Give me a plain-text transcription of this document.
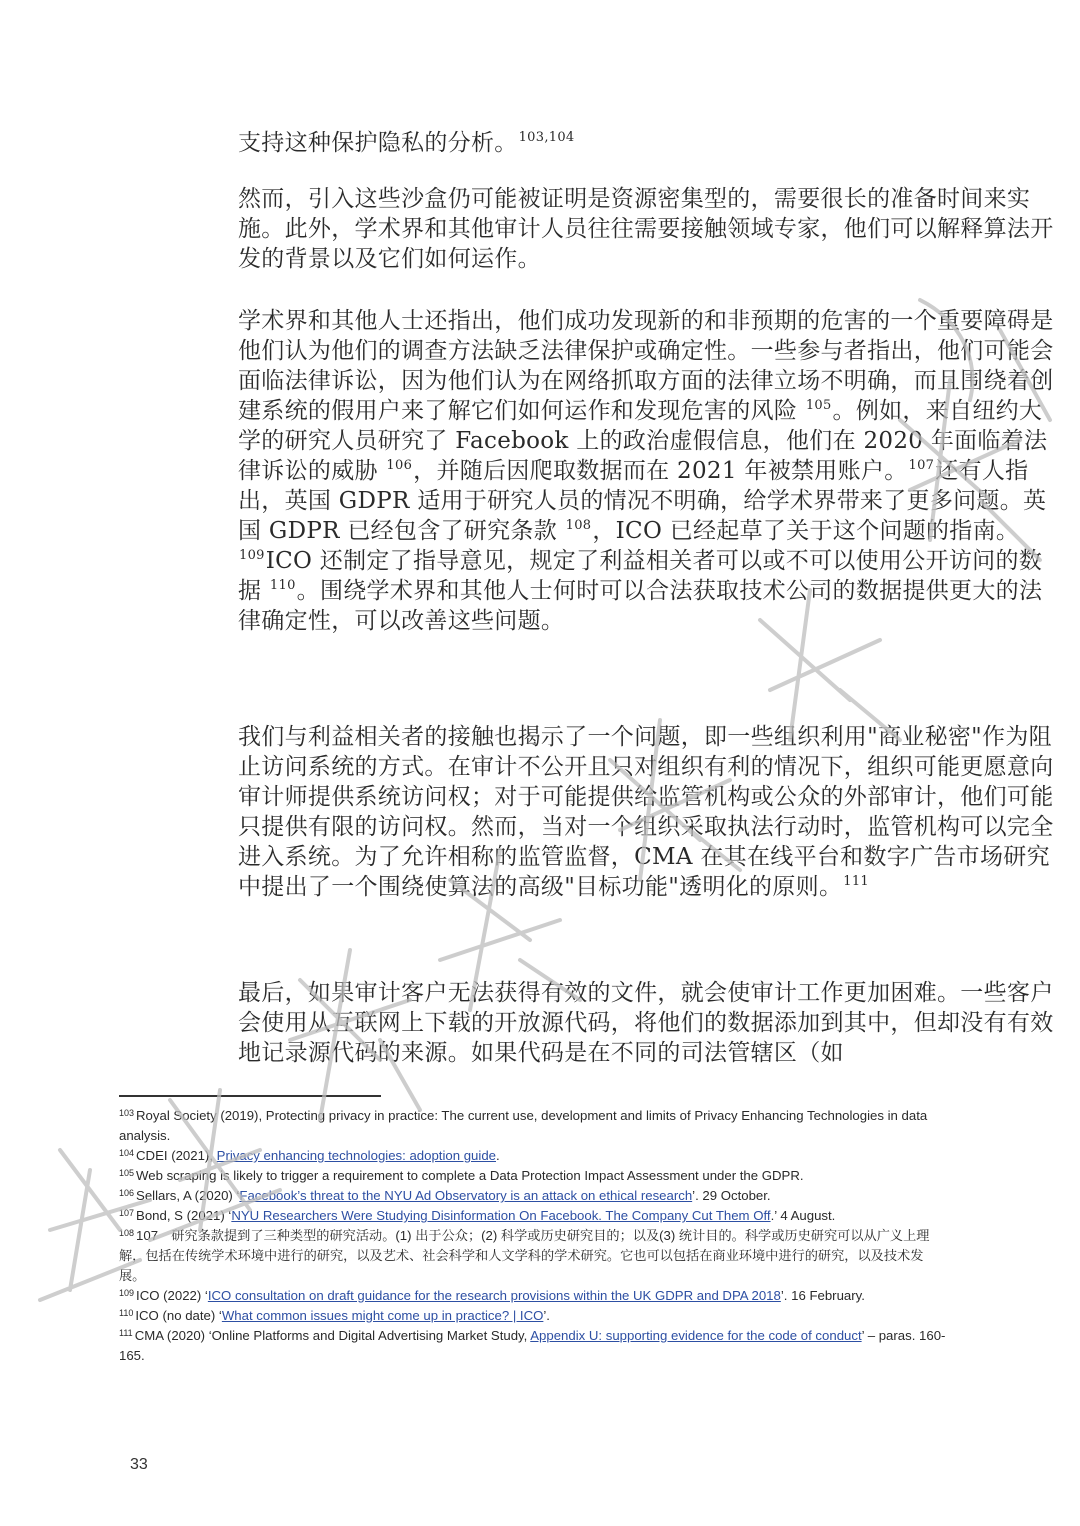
支持这种保护隐私的分析。$^{103,104}$

然而，引入这些沙盒仍可能被证明是资源密集型的，需要很长的准备时间来实施。此外，学术界和其他审计人员往往需要接触领域专家，他们可以解释算法开发的背景以及它们如何运作。

学术界和其他人士还指出，他们成功发现新的和非预期的危害的一个重要障碍是他们认为他们的调查方法缺乏法律保护或确定性。一些参与者指出，他们可能会面临法律诉讼，因为他们认为在网络抓取方面的法律立场不明确，而且围绕着创建系统的假用户来了解它们如何运作和发现危害的风险 $^{105}$。例如，来自纽约大学的研究人员研究了 Facebook 上的政治虚假信息，他们在 2020 年面临着法律诉讼的威胁 $^{106}$，并随后因爬取数据而在 2021 年被禁用账户。$^{107}$还有人指出，英国 GDPR 适用于研究人员的情况不明确，给学术界带来了更多问题。英国 GDPR 已经包含了研究条款 $^{108}$，ICO 已经起草了关于这个问题的指南。$^{109}$ICO 还制定了指导意见，规定了利益相关者可以或不可以使用公开访问的数据 $^{110}$。围绕学术界和其他人士何时可以合法获取技术公司的数据提供更大的法律确定性，可以改善这些问题。

我们与利益相关者的接触也揭示了一个问题，即一些组织利用"商业秘密"作为阻止访问系统的方式。在审计不公开且只对组织有利的情况下，组织可能更愿意向审计师提供系统访问权；对于可能提供给监管机构或公众的外部审计，他们可能只提供有限的访问权。然而，当对一个组织采取执法行动时，监管机构可以完全进入系统。为了允许相称的监管监督，CMA 在其在线平台和数字广告市场研究中提出了一个围绕使算法的高级"目标功能"透明化的原则。$^{111}$

最后，如果审计客户无法获得有效的文件，就会使审计工作更加困难。一些客户会使用从互联网上下载的开放源代码，将他们的数据添加到其中，但却没有有效地记录源代码的来源。如果代码是在不同的司法管辖区（如

$^{103}$ Royal Society (2019), Protecting privacy in practice: The current use, development and limits of Privacy Enhancing Technologies in data analysis.

$^{104}$ CDEI (2021), Privacy enhancing technologies: adoption guide.

$^{105}$ Web scraping is likely to trigger a requirement to complete a Data Protection Impact Assessment under the GDPR.

$^{106}$ Sellars, A (2020) ‘Facebook’s threat to the NYU Ad Observatory is an attack on ethical research’. 29 October.

$^{107}$ Bond, S (2021) ‘NYU Researchers Were Studying Disinformation On Facebook. The Company Cut Them Off.’ 4 August.

$^{108}$ 107　研究条款提到了三种类型的研究活动。(1) 出于公众；(2) 科学或历史研究目的；以及(3) 统计目的。科学或历史研究可以从广义上理解，包括在传统学术环境中进行的研究，以及艺术、社会科学和人文学科的学术研究。它也可以包括在商业环境中进行的研究，以及技术发展。

$^{109}$ ICO (2022) ‘ICO consultation on draft guidance for the research provisions within the UK GDPR and DPA 2018’. 16 February.

$^{110}$ ICO (no date) ‘What common issues might come up in practice? | ICO’.

$^{111}$ CMA (2020) ‘Online Platforms and Digital Advertising Market Study, Appendix U: supporting evidence for the code of conduct’ – paras. 160-165.

33
